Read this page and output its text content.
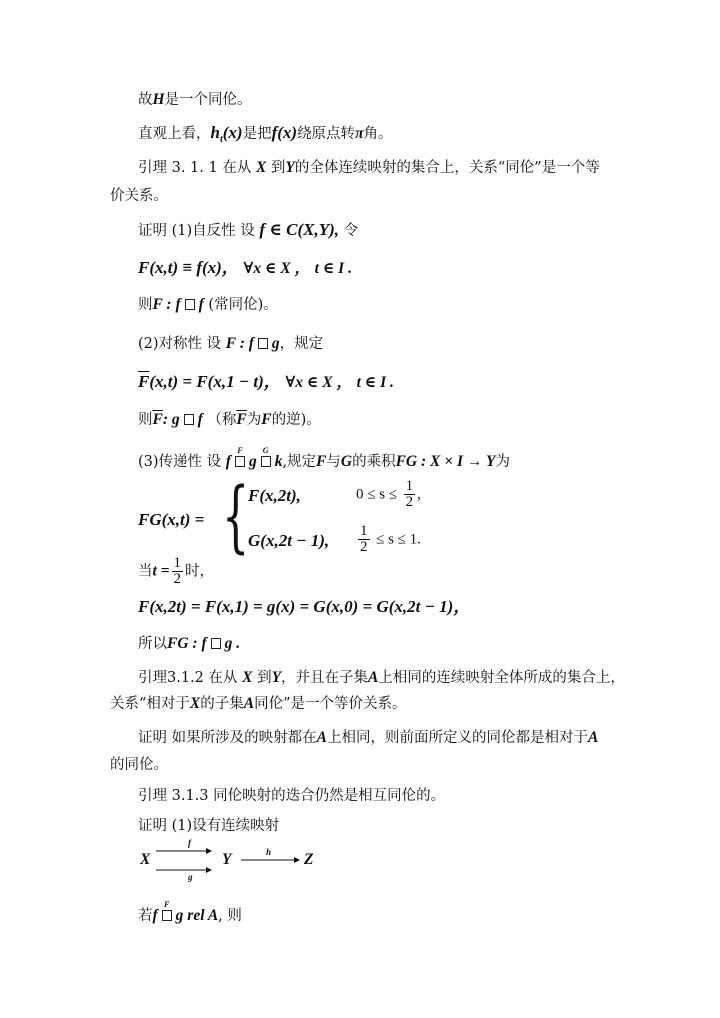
故H是一个同伦。
直观上看，$h_t(x)$是把f(x)绕原点转π角。
引理 3. 1. 1 在从 X 到Y的全体连续映射的集合上，关系“同伦”是一个等
价关系。
证明 (1)自反性 设 f ∈ C(X,Y), 令
F(x,t) ≡ f(x)， ∀x ∈ X ， t ∈ I .
则F : f f (常同伦)。
(2)对称性 设 F : f g，规定
$\overline{F}(x,t) = F(x,1 - t)$， ∀x ∈ X ， t ∈ I .
则$\overline{F}$: g f （称$\overline{F}$为F的逆)。
(3)传递性 设 f
F
g
G
k,规定F与G的乘积FG : X × I → Y为
FG(x,t) = {
F(x,2t),	$0 \le s \le \frac{1}{2}$ ,
G(x,2t − 1), $\frac{1}{2} \le s \le 1$.
当$t = \frac{1}{2}$ 时，
F(x,2t) = F(x,1) = g(x) = G(x,0) = G(x,2t − 1)，
所以FG : f g .
引理3.1.2 在从 X 到Y，并且在子集A上相同的连续映射全体所成的集合上，
关系“相对于X的子集A同伦”是一个等价关系。
证明 如果所涉及的映射都在A上相同，则前面所定义的同伦都是相对于A
的同伦。
引理 3.1.3 同伦映射的迭合仍然是相互同伦的。
证明 (1)设有连续映射
X
f
g
Y	h Z
若f
F
g rel A, 则
